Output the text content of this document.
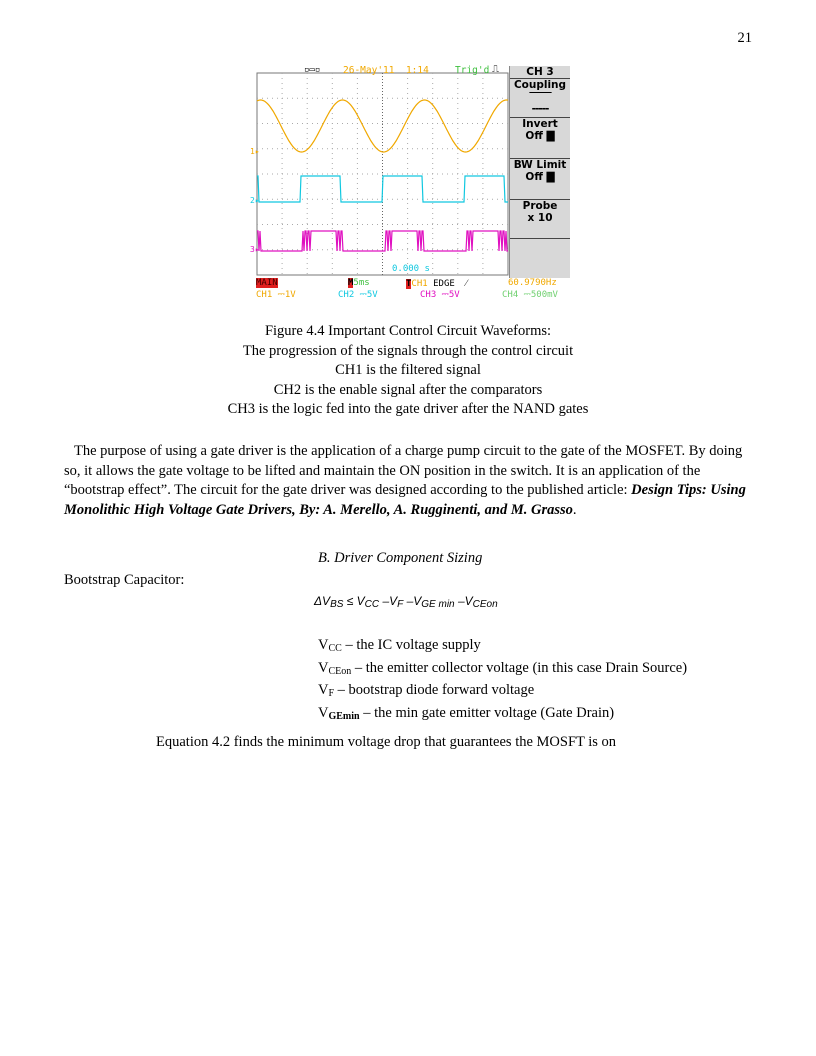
21
▫▭▫ 26-May'11 1:14	Trig'd ⎍	CH 3
Coupling
‾‾‾‾‾
-----
Invert
Off ▇
BW Limit
Off ▇
Probe
x 10
1▸
2▸
3▸
0.000 s
MAIN	M5ms	TCH1 EDGE  ⁄	60.9790Hz
CH1 ⎓1V	CH2 ⎓5V	CH3 ⎓5V	CH4 ⎓500mV
Figure 4.4 Important Control Circuit Waveforms:
The progression of the signals through the control circuit
CH1 is the filtered signal
CH2 is the enable signal after the comparators
CH3 is the logic fed into the gate driver after the NAND gates
The purpose of using a gate driver is the application of a charge pump circuit to the gate of the MOSFET. By doing so, it allows the gate voltage to be lifted and maintain the ON position in the switch. It is an application of the “bootstrap effect”. The circuit for the gate driver was designed according to the published article: Design Tips: Using Monolithic High Voltage Gate Drivers, By: A. Merello, A. Rugginenti, and M. Grasso.
B. Driver Component Sizing
Bootstrap Capacitor:
$\Delta V_{BS} \le V_{CC}$ $-V_F$ $-V_{GE min}$ $-V_{CEon}$
$V_{CC}$ – the IC voltage supply
$V_{CEon}$ – the emitter collector voltage (in this case Drain Source)
$V_F$ – bootstrap diode forward voltage
$V_{GEmin}$ – the min gate emitter voltage (Gate Drain)
Equation 4.2 finds the minimum voltage drop that guarantees the MOSFT is on
